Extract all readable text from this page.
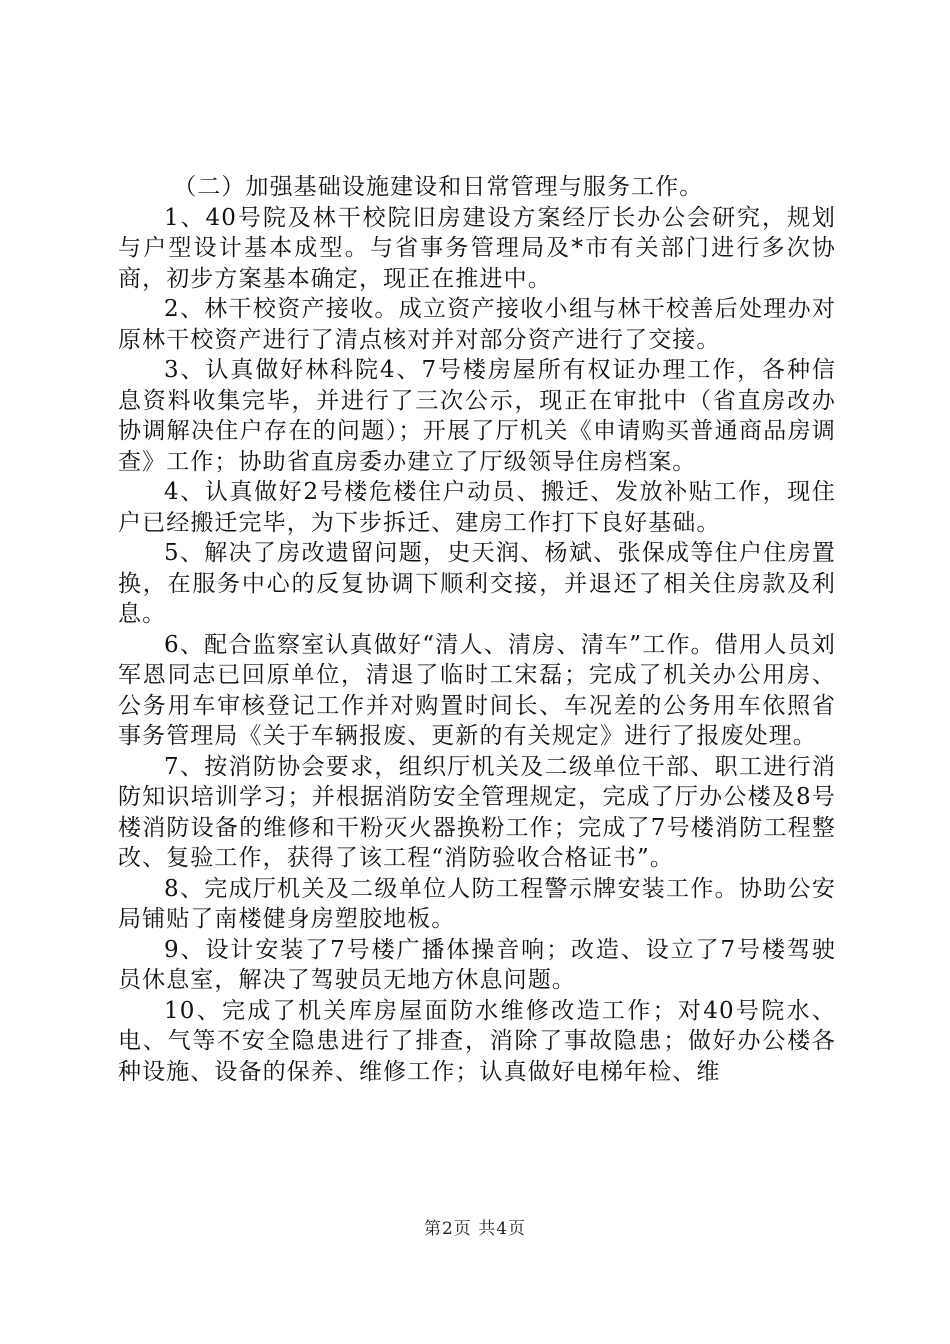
（二）加强基础设施建设和日常管理与服务工作。

1、40号院及林干校院旧房建设方案经厅长办公会研究，规划与户型设计基本成型。与省事务管理局及*市有关部门进行多次协商，初步方案基本确定，现正在推进中。

2、林干校资产接收。成立资产接收小组与林干校善后处理办对原林干校资产进行了清点核对并对部分资产进行了交接。

3、认真做好林科院4、7号楼房屋所有权证办理工作，各种信息资料收集完毕，并进行了三次公示，现正在审批中（省直房改办协调解决住户存在的问题）；开展了厅机关《申请购买普通商品房调查》工作；协助省直房委办建立了厅级领导住房档案。

4、认真做好2号楼危楼住户动员、搬迁、发放补贴工作，现住户已经搬迁完毕，为下步拆迁、建房工作打下良好基础。

5、解决了房改遗留问题，史天润、杨斌、张保成等住户住房置换，在服务中心的反复协调下顺利交接，并退还了相关住房款及利息。

6、配合监察室认真做好“清人、清房、清车”工作。借用人员刘军恩同志已回原单位，清退了临时工宋磊；完成了机关办公用房、公务用车审核登记工作并对购置时间长、车况差的公务用车依照省事务管理局《关于车辆报废、更新的有关规定》进行了报废处理。

7、按消防协会要求，组织厅机关及二级单位干部、职工进行消防知识培训学习；并根据消防安全管理规定，完成了厅办公楼及8号楼消防设备的维修和干粉灭火器换粉工作；完成了7号楼消防工程整改、复验工作，获得了该工程“消防验收合格证书”。

8、完成厅机关及二级单位人防工程警示牌安装工作。协助公安局铺贴了南楼健身房塑胶地板。

9、设计安装了7号楼广播体操音响；改造、设立了7号楼驾驶员休息室，解决了驾驶员无地方休息问题。

10、完成了机关库房屋面防水维修改造工作；对40号院水、电、气等不安全隐患进行了排查，消除了事故隐患；做好办公楼各种设施、设备的保养、维修工作；认真做好电梯年检、维

第2页 共4页
